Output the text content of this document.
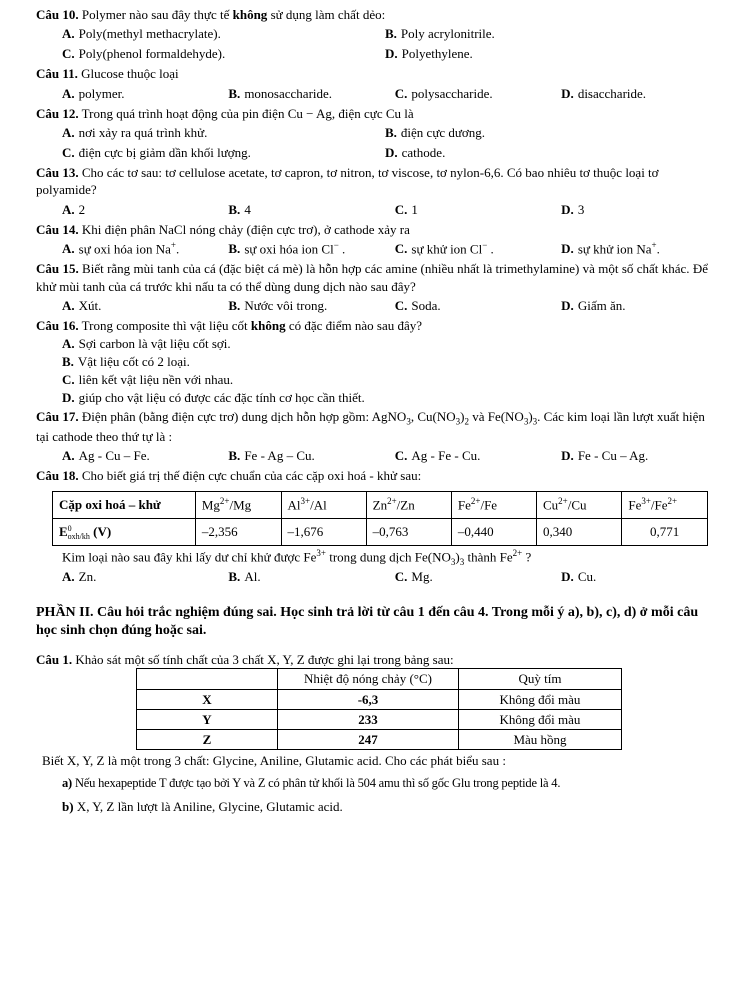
Câu 10. Polymer nào sau đây thực tế không sử dụng làm chất dẻo:

A. Poly(methyl methacrylate).	B. Poly acrylonitrile.
C. Poly(phenol formaldehyde).	D. Polyethylene.

Câu 11. Glucose thuộc loại

A. polymer.	B. monosaccharide.	C. polysaccharide.	D. disaccharide.

Câu 12. Trong quá trình hoạt động của pin điện Cu − Ag, điện cực Cu là

A. nơi xảy ra quá trình khử.	B. điện cực dương.
C. điện cực bị giảm dần khối lượng.	D. cathode.

Câu 13. Cho các tơ sau: tơ cellulose acetate, tơ capron, tơ nitron, tơ viscose, tơ nylon-6,6. Có bao nhiêu tơ thuộc loại tơ polyamide?

A. 2	B. 4	C. 1	D. 3

Câu 14. Khi điện phân NaCl nóng chảy (điện cực trơ), ở cathode xảy ra

A. sự oxi hóa ion Na+.	B. sự oxi hóa ion Cl− .	C. sự khử ion Cl− .	D. sự khử ion Na+.

Câu 15. Biết rằng mùi tanh của cá (đặc biệt cá mè) là hỗn hợp các amine (nhiều nhất là trimethylamine) và một số chất khác. Để khử mùi tanh của cá trước khi nấu ta có thể dùng dung dịch nào sau đây?

A. Xút.	B. Nước vôi trong.	C. Soda.	D. Giấm ăn.

Câu 16. Trong composite thì vật liệu cốt không có đặc điểm nào sau đây?

A. Sợi carbon là vật liệu cốt sợi.
B. Vật liệu cốt có 2 loại.
C. liên kết vật liệu nền với nhau.
D. giúp cho vật liệu có được các đặc tính cơ học cần thiết.

Câu 17. Điện phân (bằng điện cực trơ) dung dịch hỗn hợp gồm: AgNO$_3$, $Cu(NO_3)_2$ và $Fe(NO_3)_3$. Các kim loại lần lượt xuất hiện tại cathode theo thứ tự là :

A. Ag - Cu – Fe.	B. Fe - Ag – Cu.	C. Ag - Fe - Cu.	D. Fe - Cu – Ag.

Câu 18. Cho biết giá trị thế điện cực chuẩn của các cặp oxi hoá - khử sau:

Cặp oxi hoá – khử	$Mg^{2+}/Mg$	$Al^{3+}/Al$	$Zn^{2+}/Zn$	$Fe^{2+}/Fe$	$Cu^{2+}/Cu$	$Fe^{3+}/Fe^{2+}$
E 0
oxh/kh (V)	–2,356	–1,676	–0,763	–0,440	0,340	0,771

Kim loại nào sau đây khi lấy dư chỉ khử được $Fe^{3+}$ trong dung dịch $Fe(NO_3)_3$ thành $Fe^{2+}$ ?

A. Zn.	B. Al.	C. Mg.	D. Cu.
PHẦN II. Câu hỏi trắc nghiệm đúng sai. Học sinh trả lời từ câu 1 đến câu 4. Trong mỗi ý a), b), c), d) ở mỗi câu học sinh chọn đúng hoặc sai.

Câu 1. Khảo sát một số tính chất của 3 chất X, Y, Z được ghi lại trong bảng sau:

	Nhiệt độ nóng chảy (°C)	Quỳ tím
X	-6,3	Không đổi màu
Y	233	Không đổi màu
Z	247	Màu hồng

Biết X, Y, Z là một trong 3 chất: Glycine, Aniline, Glutamic acid. Cho các phát biểu sau :

a) Nếu hexapeptide T được tạo bởi Y và Z có phân tử khối là 504 amu thì số gốc Glu trong peptide là 4.

b) X, Y, Z lần lượt là Aniline, Glycine, Glutamic acid.
